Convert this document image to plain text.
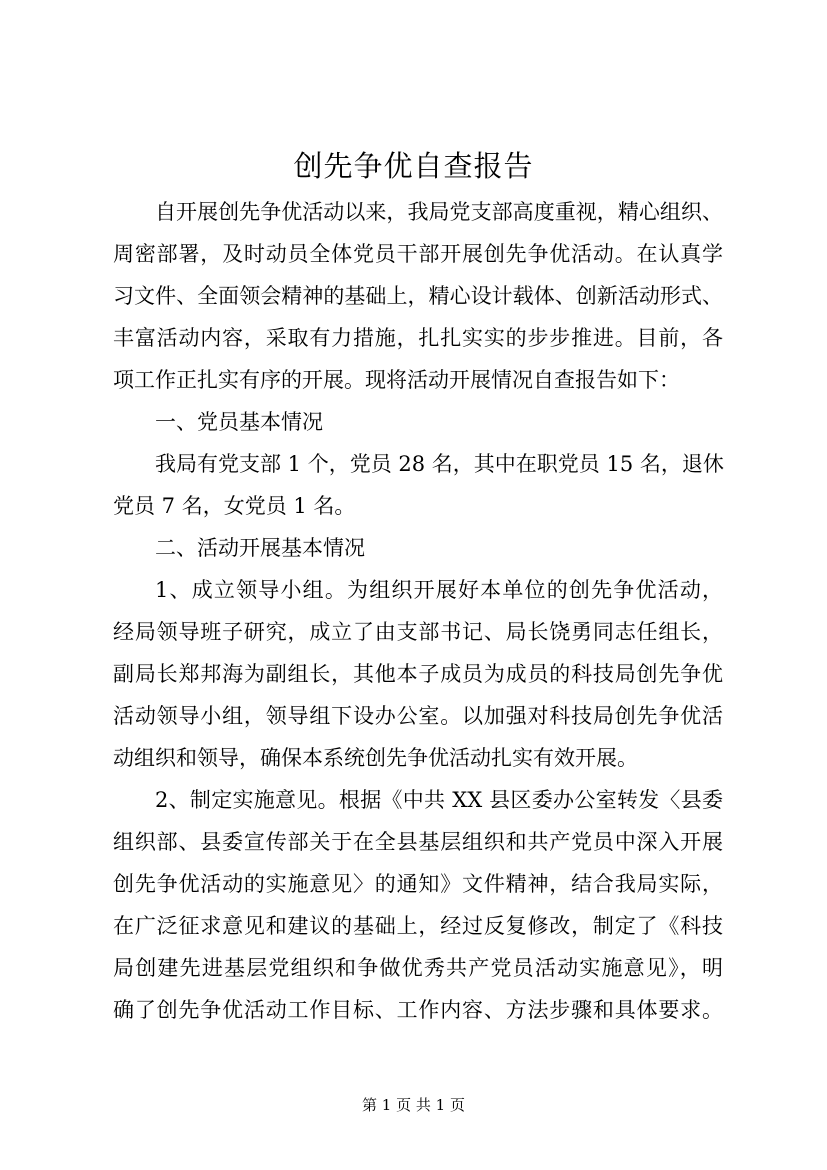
创先争优自查报告
自开展创先争优活动以来，我局党支部高度重视，精心组织、
周密部署，及时动员全体党员干部开展创先争优活动。在认真学
习文件、全面领会精神的基础上，精心设计载体、创新活动形式、
丰富活动内容，采取有力措施，扎扎实实的步步推进。目前，各
项工作正扎实有序的开展。现将活动开展情况自查报告如下：
一、党员基本情况
我局有党支部 1 个，党员 28 名，其中在职党员 15 名，退休
党员 7 名，女党员 1 名。
二、活动开展基本情况
1、成立领导小组。为组织开展好本单位的创先争优活动，
经局领导班子研究，成立了由支部书记、局长饶勇同志任组长，
副局长郑邦海为副组长，其他本子成员为成员的科技局创先争优
活动领导小组，领导组下设办公室。以加强对科技局创先争优活
动组织和领导，确保本系统创先争优活动扎实有效开展。
2、制定实施意见。根据《中共 XX 县区委办公室转发〈县委
组织部、县委宣传部关于在全县基层组织和共产党员中深入开展
创先争优活动的实施意见〉的通知》文件精神，结合我局实际，
在广泛征求意见和建议的基础上，经过反复修改，制定了《科技
局创建先进基层党组织和争做优秀共产党员活动实施意见》，明
确了创先争优活动工作目标、工作内容、方法步骤和具体要求。
第 1 页 共 1 页
